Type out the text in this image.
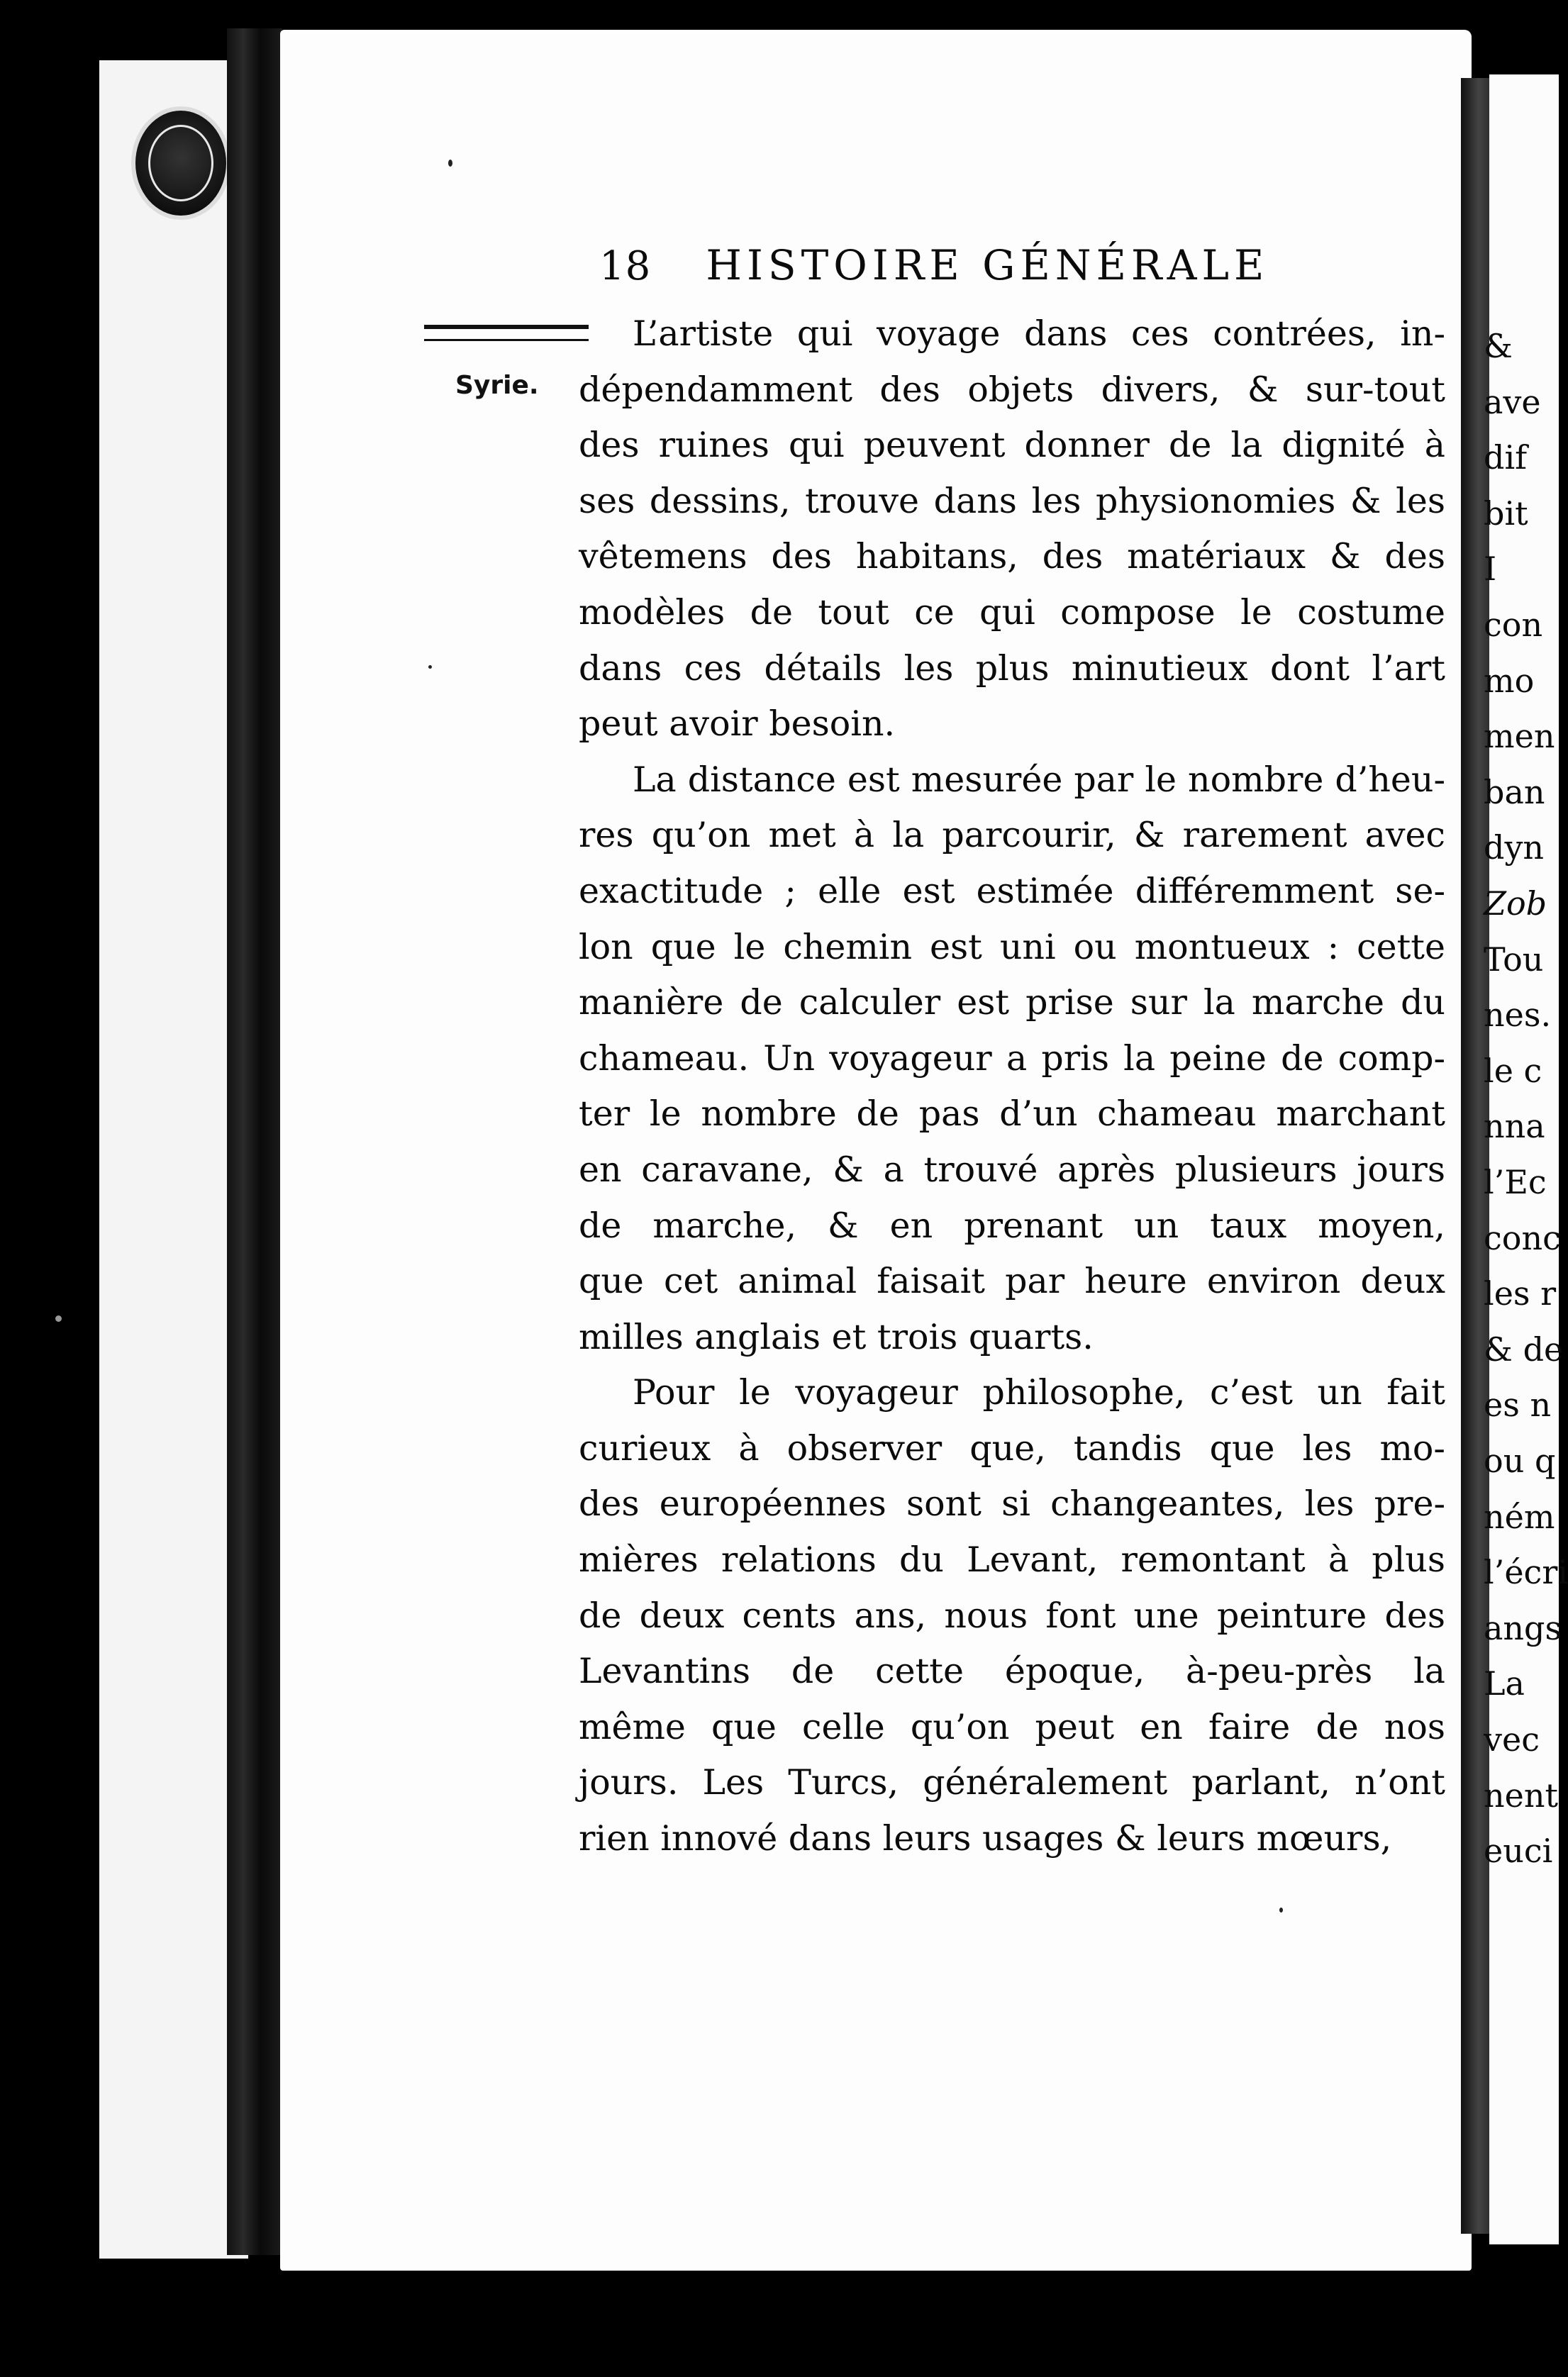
&
ave
dif
bit
I
con
mo
men
ban
dyn
Zob
Tou
nes.
le c
nna
l’Ec
conc
les r
& de
es n
ou q
ném
l’écri
angs
La
vec
nent
euci
18 HISTOIRE GÉNÉRALE
Syrie.
L’artiste qui voyage dans ces contrées, in-
dépendamment des objets divers, & sur-tout
des ruines qui peuvent donner de la dignité à
ses dessins, trouve dans les physionomies & les
vêtemens des habitans, des matériaux & des
modèles de tout ce qui compose le costume
dans ces détails les plus minutieux dont l’art
peut avoir besoin.
La distance est mesurée par le nombre d’heu-
res qu’on met à la parcourir, & rarement avec
exactitude ; elle est estimée différemment se-
lon que le chemin est uni ou montueux : cette
manière de calculer est prise sur la marche du
chameau. Un voyageur a pris la peine de comp-
ter le nombre de pas d’un chameau marchant
en caravane, & a trouvé après plusieurs jours
de marche, & en prenant un taux moyen,
que cet animal faisait par heure environ deux
milles anglais et trois quarts.
Pour le voyageur philosophe, c’est un fait
curieux à observer que, tandis que les mo-
des européennes sont si changeantes, les pre-
mières relations du Levant, remontant à plus
de deux cents ans, nous font une peinture des
Levantins de cette époque, à-peu-près la
même que celle qu’on peut en faire de nos
jours. Les Turcs, généralement parlant, n’ont
rien innové dans leurs usages & leurs mœurs,
